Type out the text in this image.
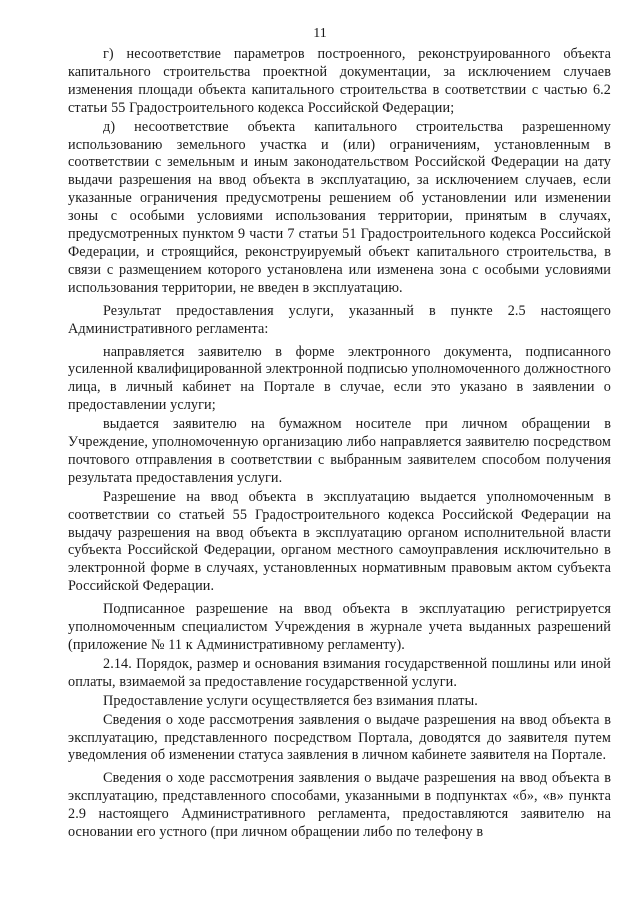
11

г) несоответствие параметров построенного, реконструированного объекта капитального строительства проектной документации, за исключением случаев изменения площади объекта капитального строительства в соответствии с частью 6.2 статьи 55 Градостроительного кодекса Российской Федерации;

д) несоответствие объекта капитального строительства разрешенному использованию земельного участка и (или) ограничениям, установленным в соответствии с земельным и иным законодательством Российской Федерации на дату выдачи разрешения на ввод объекта в эксплуатацию, за исключением случаев, если указанные ограничения предусмотрены решением об установлении или изменении зоны с особыми условиями использования территории, принятым в случаях, предусмотренных пунктом 9 части 7 статьи 51 Градостроительного кодекса Российской Федерации, и строящийся, реконструируемый объект капитального строительства, в связи с размещением которого установлена или изменена зона с особыми условиями использования территории, не введен в эксплуатацию.

Результат предоставления услуги, указанный в пункте 2.5 настоящего Административного регламента:

направляется заявителю в форме электронного документа, подписанного усиленной квалифицированной электронной подписью уполномоченного должностного лица, в личный кабинет на Портале в случае, если это указано в заявлении о предоставлении услуги;

выдается заявителю на бумажном носителе при личном обращении в Учреждение, уполномоченную организацию либо направляется заявителю посредством почтового отправления в соответствии с выбранным заявителем способом получения результата предоставления услуги.

Разрешение на ввод объекта в эксплуатацию выдается уполномоченным в соответствии со статьей 55 Градостроительного кодекса Российской Федерации на выдачу разрешения на ввод объекта в эксплуатацию органом исполнительной власти субъекта Российской Федерации, органом местного самоуправления исключительно в электронной форме в случаях, установленных нормативным правовым актом субъекта Российской Федерации.

Подписанное разрешение на ввод объекта в эксплуатацию регистрируется уполномоченным специалистом Учреждения в журнале учета выданных разрешений (приложение № 11 к Административному регламенту).

2.14. Порядок, размер и основания взимания государственной пошлины или иной оплаты, взимаемой за предоставление государственной услуги.

Предоставление услуги осуществляется без взимания платы.

Сведения о ходе рассмотрения заявления о выдаче разрешения на ввод объекта в эксплуатацию, представленного посредством Портала, доводятся до заявителя путем уведомления об изменении статуса заявления в личном кабинете заявителя на Портале.

Сведения о ходе рассмотрения заявления о выдаче разрешения на ввод объекта в эксплуатацию, представленного способами, указанными в подпунктах «б», «в» пункта 2.9 настоящего Административного регламента, предоставляются заявителю на основании его устного (при личном обращении либо по телефону в
